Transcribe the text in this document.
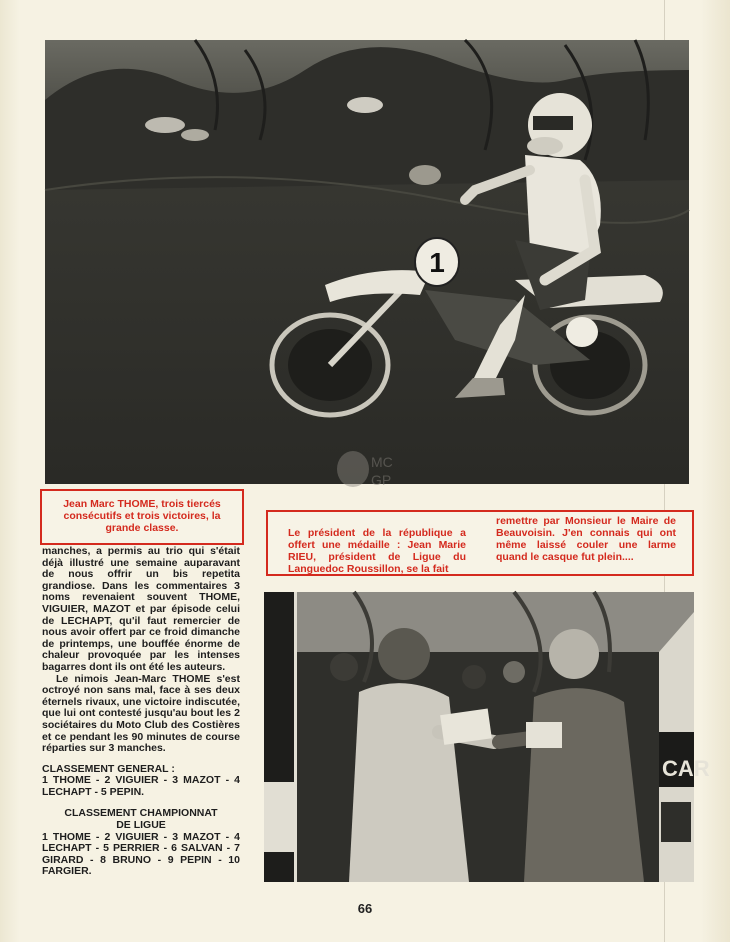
1
MC
GP

Jean Marc THOME, trois tiercés consécutifs et trois victoires, la grande classe.	Le président de la république a offert une médaille : Jean Marie RIEU, président de Ligue du Languedoc Roussillon, se la fait

remettre par Monsieur le Maire de Beauvoisin. J'en connais qui ont même laissé couler une larme quand le casque fut plein....

manches, a permis au trio qui s'était déjà illustré une semaine auparavant de nous offrir un bis repetita grandiose. Dans les commentaires 3 noms revenaient souvent THOME, VIGUIER, MAZOT et par épisode celui de LECHAPT, qu'il faut remercier de nous avoir offert par ce froid dimanche de printemps, une bouffée énorme de chaleur provoquée par les intenses bagarres dont ils ont été les auteurs.

Le nimois Jean-Marc THOME s'est octroyé non sans mal, face à ses deux éternels rivaux, une victoire indiscutée, que lui ont contesté jusqu'au bout les 2 sociétaires du Moto Club des Costières et ce pendant les 90 minutes de course réparties sur 3 manches.

CLASSEMENT GENERAL :

1 THOME - 2 VIGUIER - 3 MAZOT - 4 LECHAPT - 5 PEPIN.

CLASSEMENT CHAMPIONNAT

DE LIGUE

1 THOME - 2 VIGUIER - 3 MAZOT - 4 LECHAPT - 5 PERRIER - 6 SALVAN - 7 GIRARD - 8 BRUNO - 9 PEPIN - 10 FARGIER.

CAR
66
